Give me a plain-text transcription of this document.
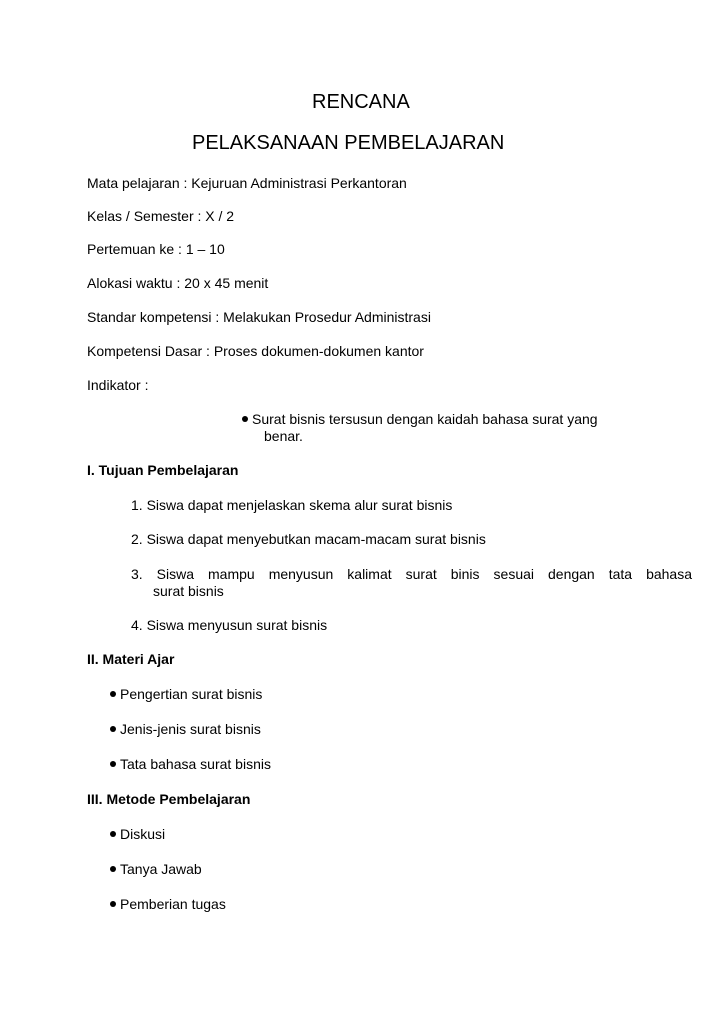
RENCANA

PELAKSANAAN PEMBELAJARAN

Mata pelajaran : Kejuruan Administrasi Perkantoran

Kelas / Semester : X / 2

Pertemuan ke : 1 – 10

Alokasi waktu : 20 x 45 menit

Standar kompetensi : Melakukan Prosedur Administrasi

Kompetensi Dasar : Proses dokumen-dokumen kantor

Indikator :

Surat bisnis tersusun dengan kaidah bahasa surat yang

benar.

I. Tujuan Pembelajaran

1. Siswa dapat menjelaskan skema alur surat bisnis

2. Siswa dapat menyebutkan macam-macam surat bisnis

3. Siswa mampu menyusun kalimat surat binis sesuai dengan tata bahasa

surat bisnis

4. Siswa menyusun surat bisnis

II. Materi Ajar

Pengertian surat bisnis

Jenis-jenis surat bisnis

Tata bahasa surat bisnis

III. Metode Pembelajaran

Diskusi

Tanya Jawab

Pemberian tugas
